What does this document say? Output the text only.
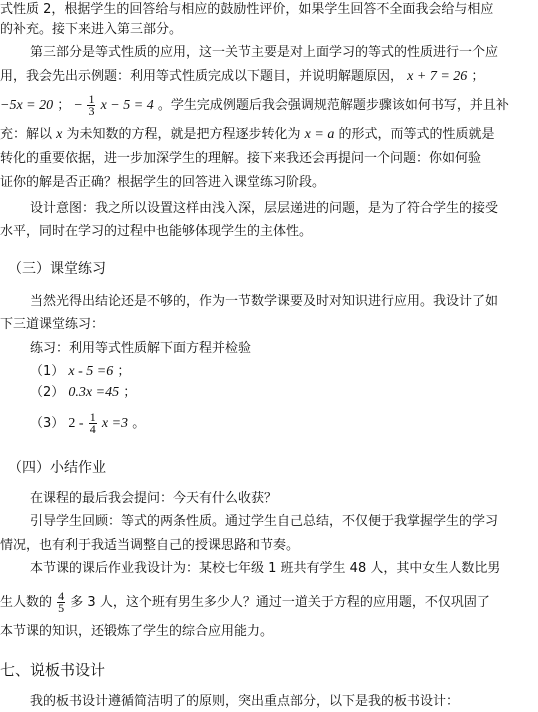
式性质 2，根据学生的回答给与相应的鼓励性评价，如果学生回答不全面我会给与相应
的补充。接下来进入第三部分。
第三部分是等式性质的应用，这一关节主要是对上面学习的等式的性质进行一个应
用，我会先出示例题：利用等式性质完成以下题目，并说明解题原因， x + 7 = 26 ；
−5x = 20 ； − $\frac{1}{3}$ x − 5 = 4 。学生完成例题后我会强调规范解题步骤该如何书写，并且补
充：解以 x 为未知数的方程，就是把方程逐步转化为 x = a 的形式，而等式的性质就是
转化的重要依据，进一步加深学生的理解。接下来我还会再提问一个问题：你如何验
证你的解是否正确？根据学生的回答进入课堂练习阶段。
设计意图：我之所以设置这样由浅入深，层层递进的问题，是为了符合学生的接受
水平，同时在学习的过程中也能够体现学生的主体性。
（三）课堂练习
当然光得出结论还是不够的，作为一节数学课要及时对知识进行应用。我设计了如
下三道课堂练习：
练习：利用等式性质解下面方程并检验
（1） x - 5 =6 ；
（2） 0.3x =45 ；
（3） $2 - \frac{1}{4}$ x =3 。
（四）小结作业
在课程的最后我会提问：今天有什么收获？
引导学生回顾：等式的两条性质。通过学生自己总结，不仅便于我掌握学生的学习
情况，也有利于我适当调整自己的授课思路和节奏。
本节课的课后作业我设计为：某校七年级 1 班共有学生 48 人，其中女生人数比男
生人数的 $\frac{4}{5}$ 多 3 人，这个班有男生多少人？通过一道关于方程的应用题，不仅巩固了
本节课的知识，还锻炼了学生的综合应用能力。
七、说板书设计
我的板书设计遵循简洁明了的原则，突出重点部分，以下是我的板书设计：
